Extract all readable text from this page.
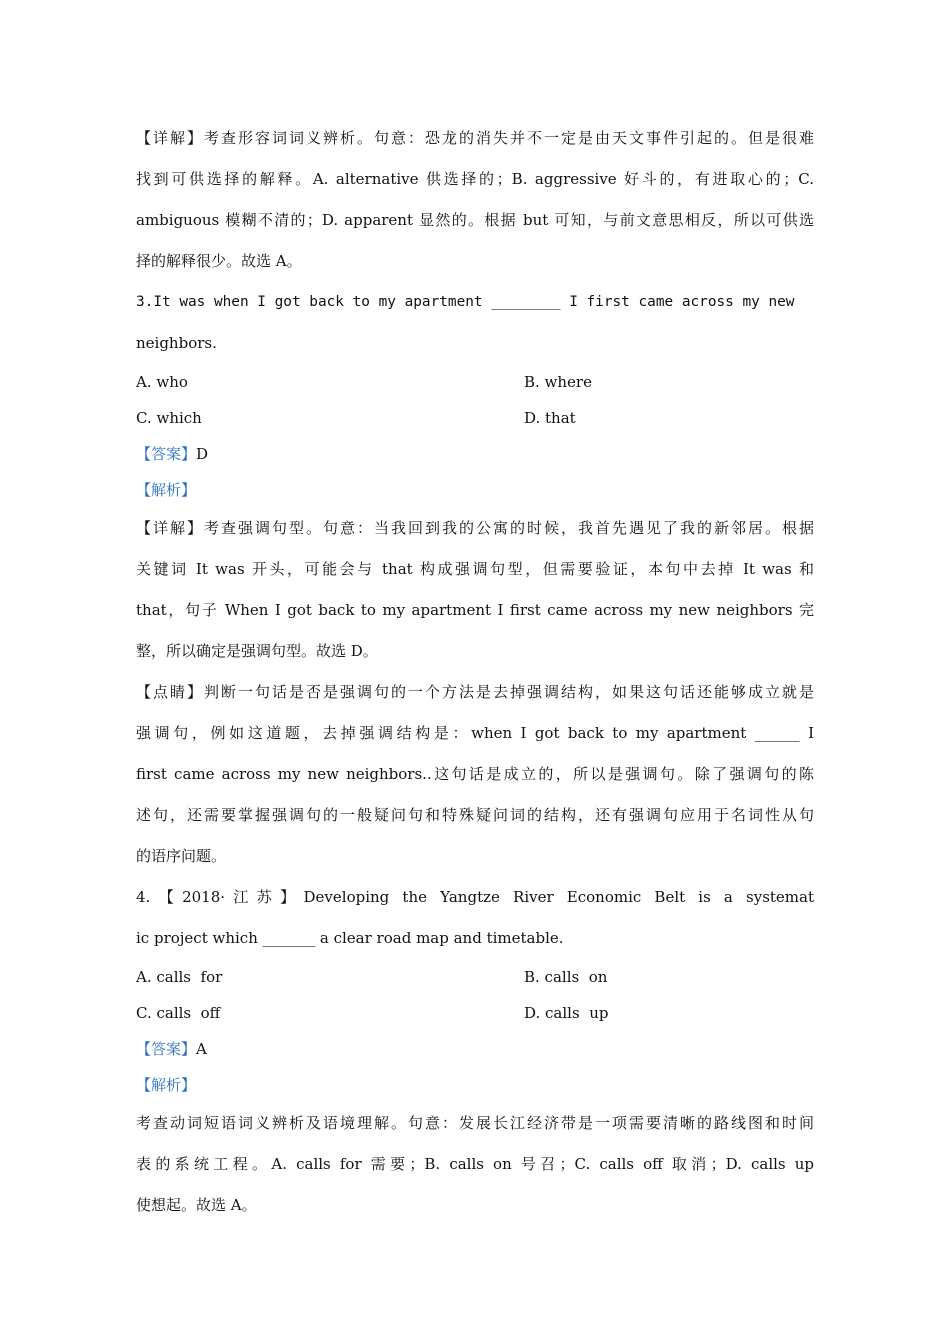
【详解】考查形容词词义辨析。句意：恐龙的消失并不一定是由天文事件引起的。但是很难
找到可供选择的解释。A. alternative 供选择的；B. aggressive 好斗的，有进取心的；C.
ambiguous 模糊不清的；D. apparent 显然的。根据 but 可知，与前文意思相反，所以可供选
择的解释很少。故选 A。
3.It was when I got back to my apartment ________ I first came across my new
neighbors.
A. who	B. where
C. which	D. that
【答案】D
【解析】
【详解】考查强调句型。句意：当我回到我的公寓的时候，我首先遇见了我的新邻居。根据
关键词 It was 开头，可能会与 that 构成强调句型，但需要验证，本句中去掉 It was 和
that，句子 When I got back to my apartment I first came across my new neighbors 完
整，所以确定是强调句型。故选 D。
【点睛】判断一句话是否是强调句的一个方法是去掉强调结构，如果这句话还能够成立就是
强调句，例如这道题，去掉强调结构是：when I got back to my apartment ______ I
first came across my new neighbors..这句话是成立的，所以是强调句。除了强调句的陈
述句，还需要掌握强调句的一般疑问句和特殊疑问词的结构，还有强调句应用于名词性从句
的语序问题。
4.【2018·江苏】Developing the Yangtze River Economic Belt is a systemat
ic project which _______ a clear road map and timetable.
A. calls  for	B. calls  on
C. calls  off	D. calls  up
【答案】A
【解析】
考查动词短语词义辨析及语境理解。句意：发展长江经济带是一项需要清晰的路线图和时间
表的系统工程。A. calls for 需要；B. calls on 号召；C. calls off 取消；D. calls up
使想起。故选 A。
